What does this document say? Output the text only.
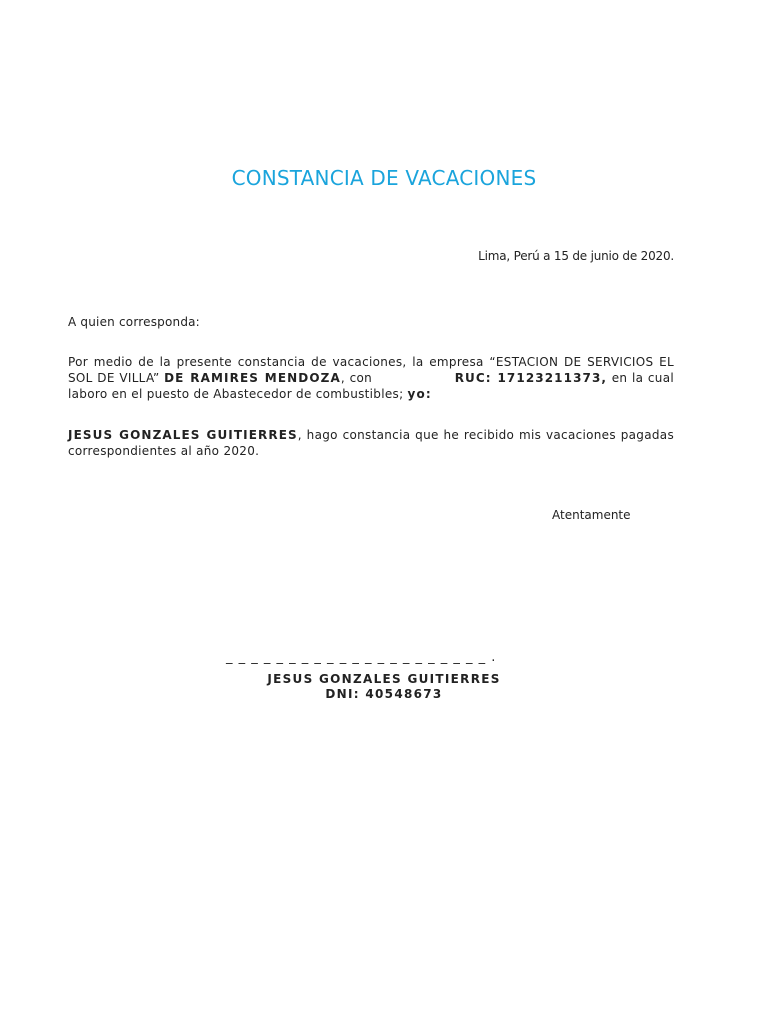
CONSTANCIA DE VACACIONES
Lima, Perú a 15 de junio de 2020.
A quien corresponda:
Por medio de la presente constancia de vacaciones, la empresa “ESTACION DE SERVICIOS EL SOL DE VILLA” DE RAMIRES MENDOZA, con	RUC: 17123211373, en la cual laboro en el puesto de Abastecedor de combustibles; yo:
JESUS GONZALES GUITIERRES, hago constancia que he recibido mis vacaciones pagadas correspondientes al año 2020.
Atentamente
_ _ _ _ _ _ _ _ _ _ _ _ _ _ _ _ _ _ _ _ _ .
JESUS GONZALES GUITIERRES
DNI: 40548673
